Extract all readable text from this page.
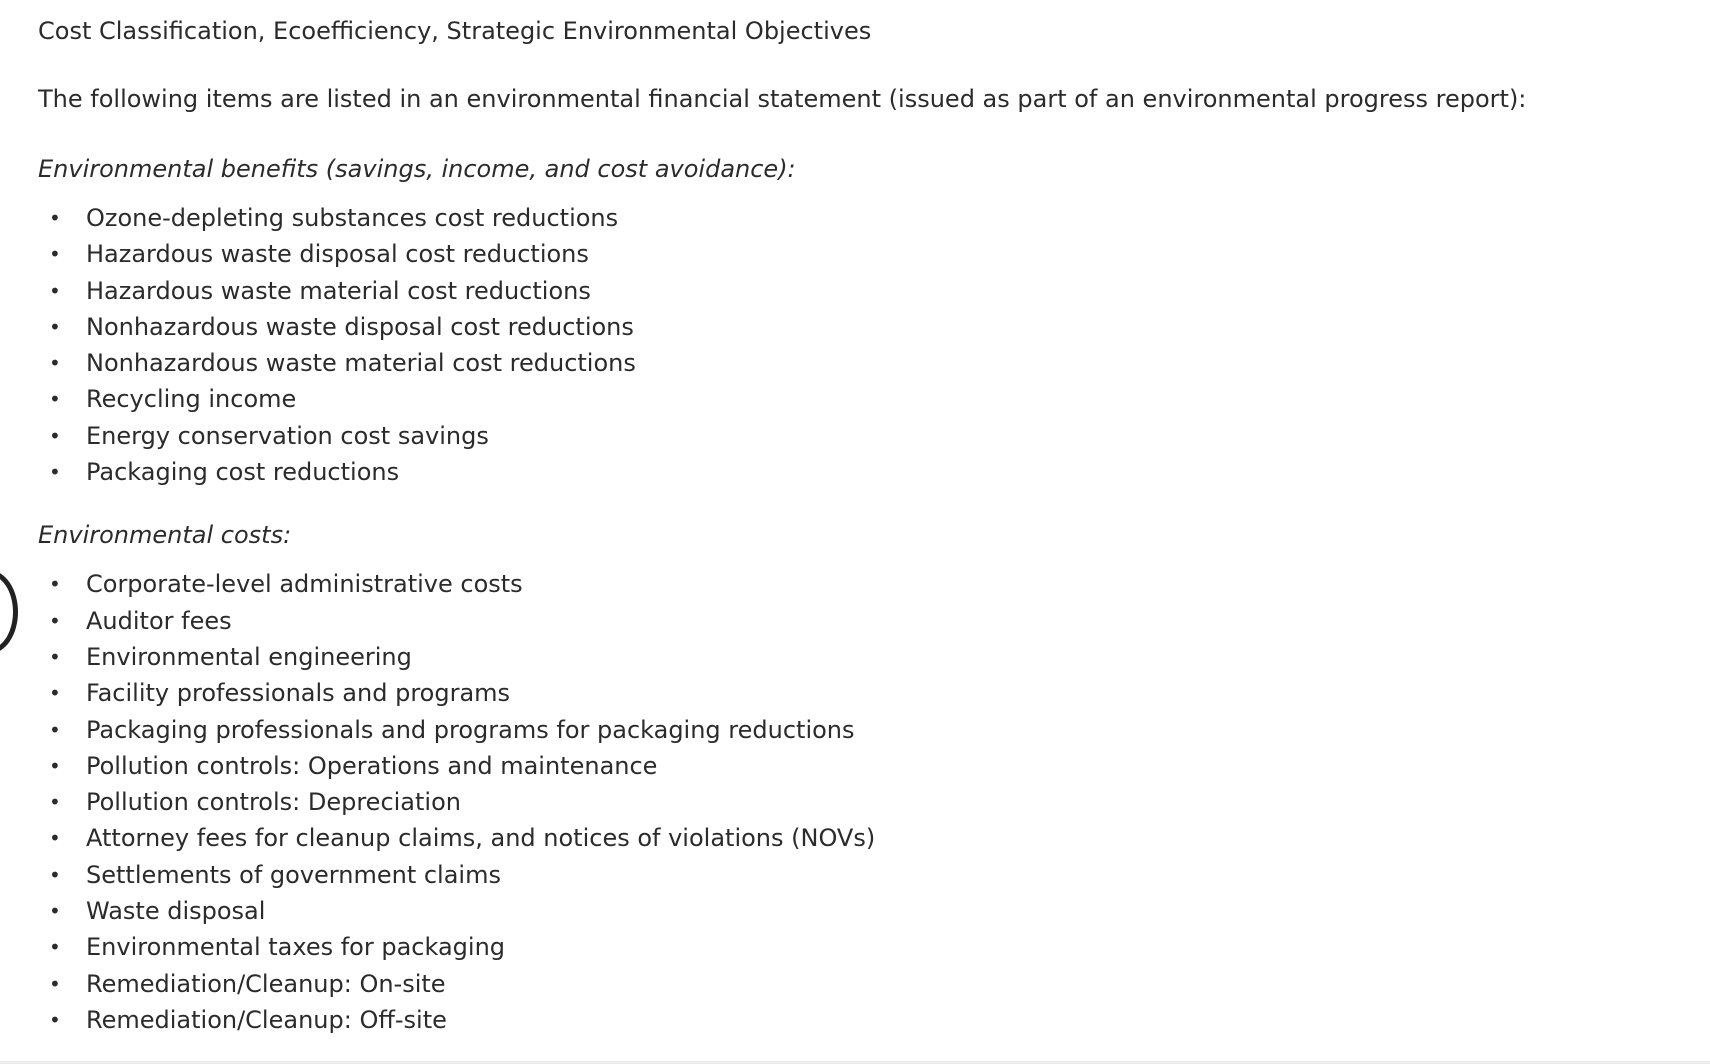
Cost Classification, Ecoefficiency, Strategic Environmental Objectives

The following items are listed in an environmental financial statement (issued as part of an environmental progress report):

Environmental benefits (savings, income, and cost avoidance):

• Ozone-depleting substances cost reductions
• Hazardous waste disposal cost reductions
• Hazardous waste material cost reductions
• Nonhazardous waste disposal cost reductions
• Nonhazardous waste material cost reductions
• Recycling income
• Energy conservation cost savings
• Packaging cost reductions

Environmental costs:

• Corporate-level administrative costs
• Auditor fees
• Environmental engineering
• Facility professionals and programs
• Packaging professionals and programs for packaging reductions
• Pollution controls: Operations and maintenance
• Pollution controls: Depreciation
• Attorney fees for cleanup claims, and notices of violations (NOVs)
• Settlements of government claims
• Waste disposal
• Environmental taxes for packaging
• Remediation/Cleanup: On-site
• Remediation/Cleanup: Off-site
